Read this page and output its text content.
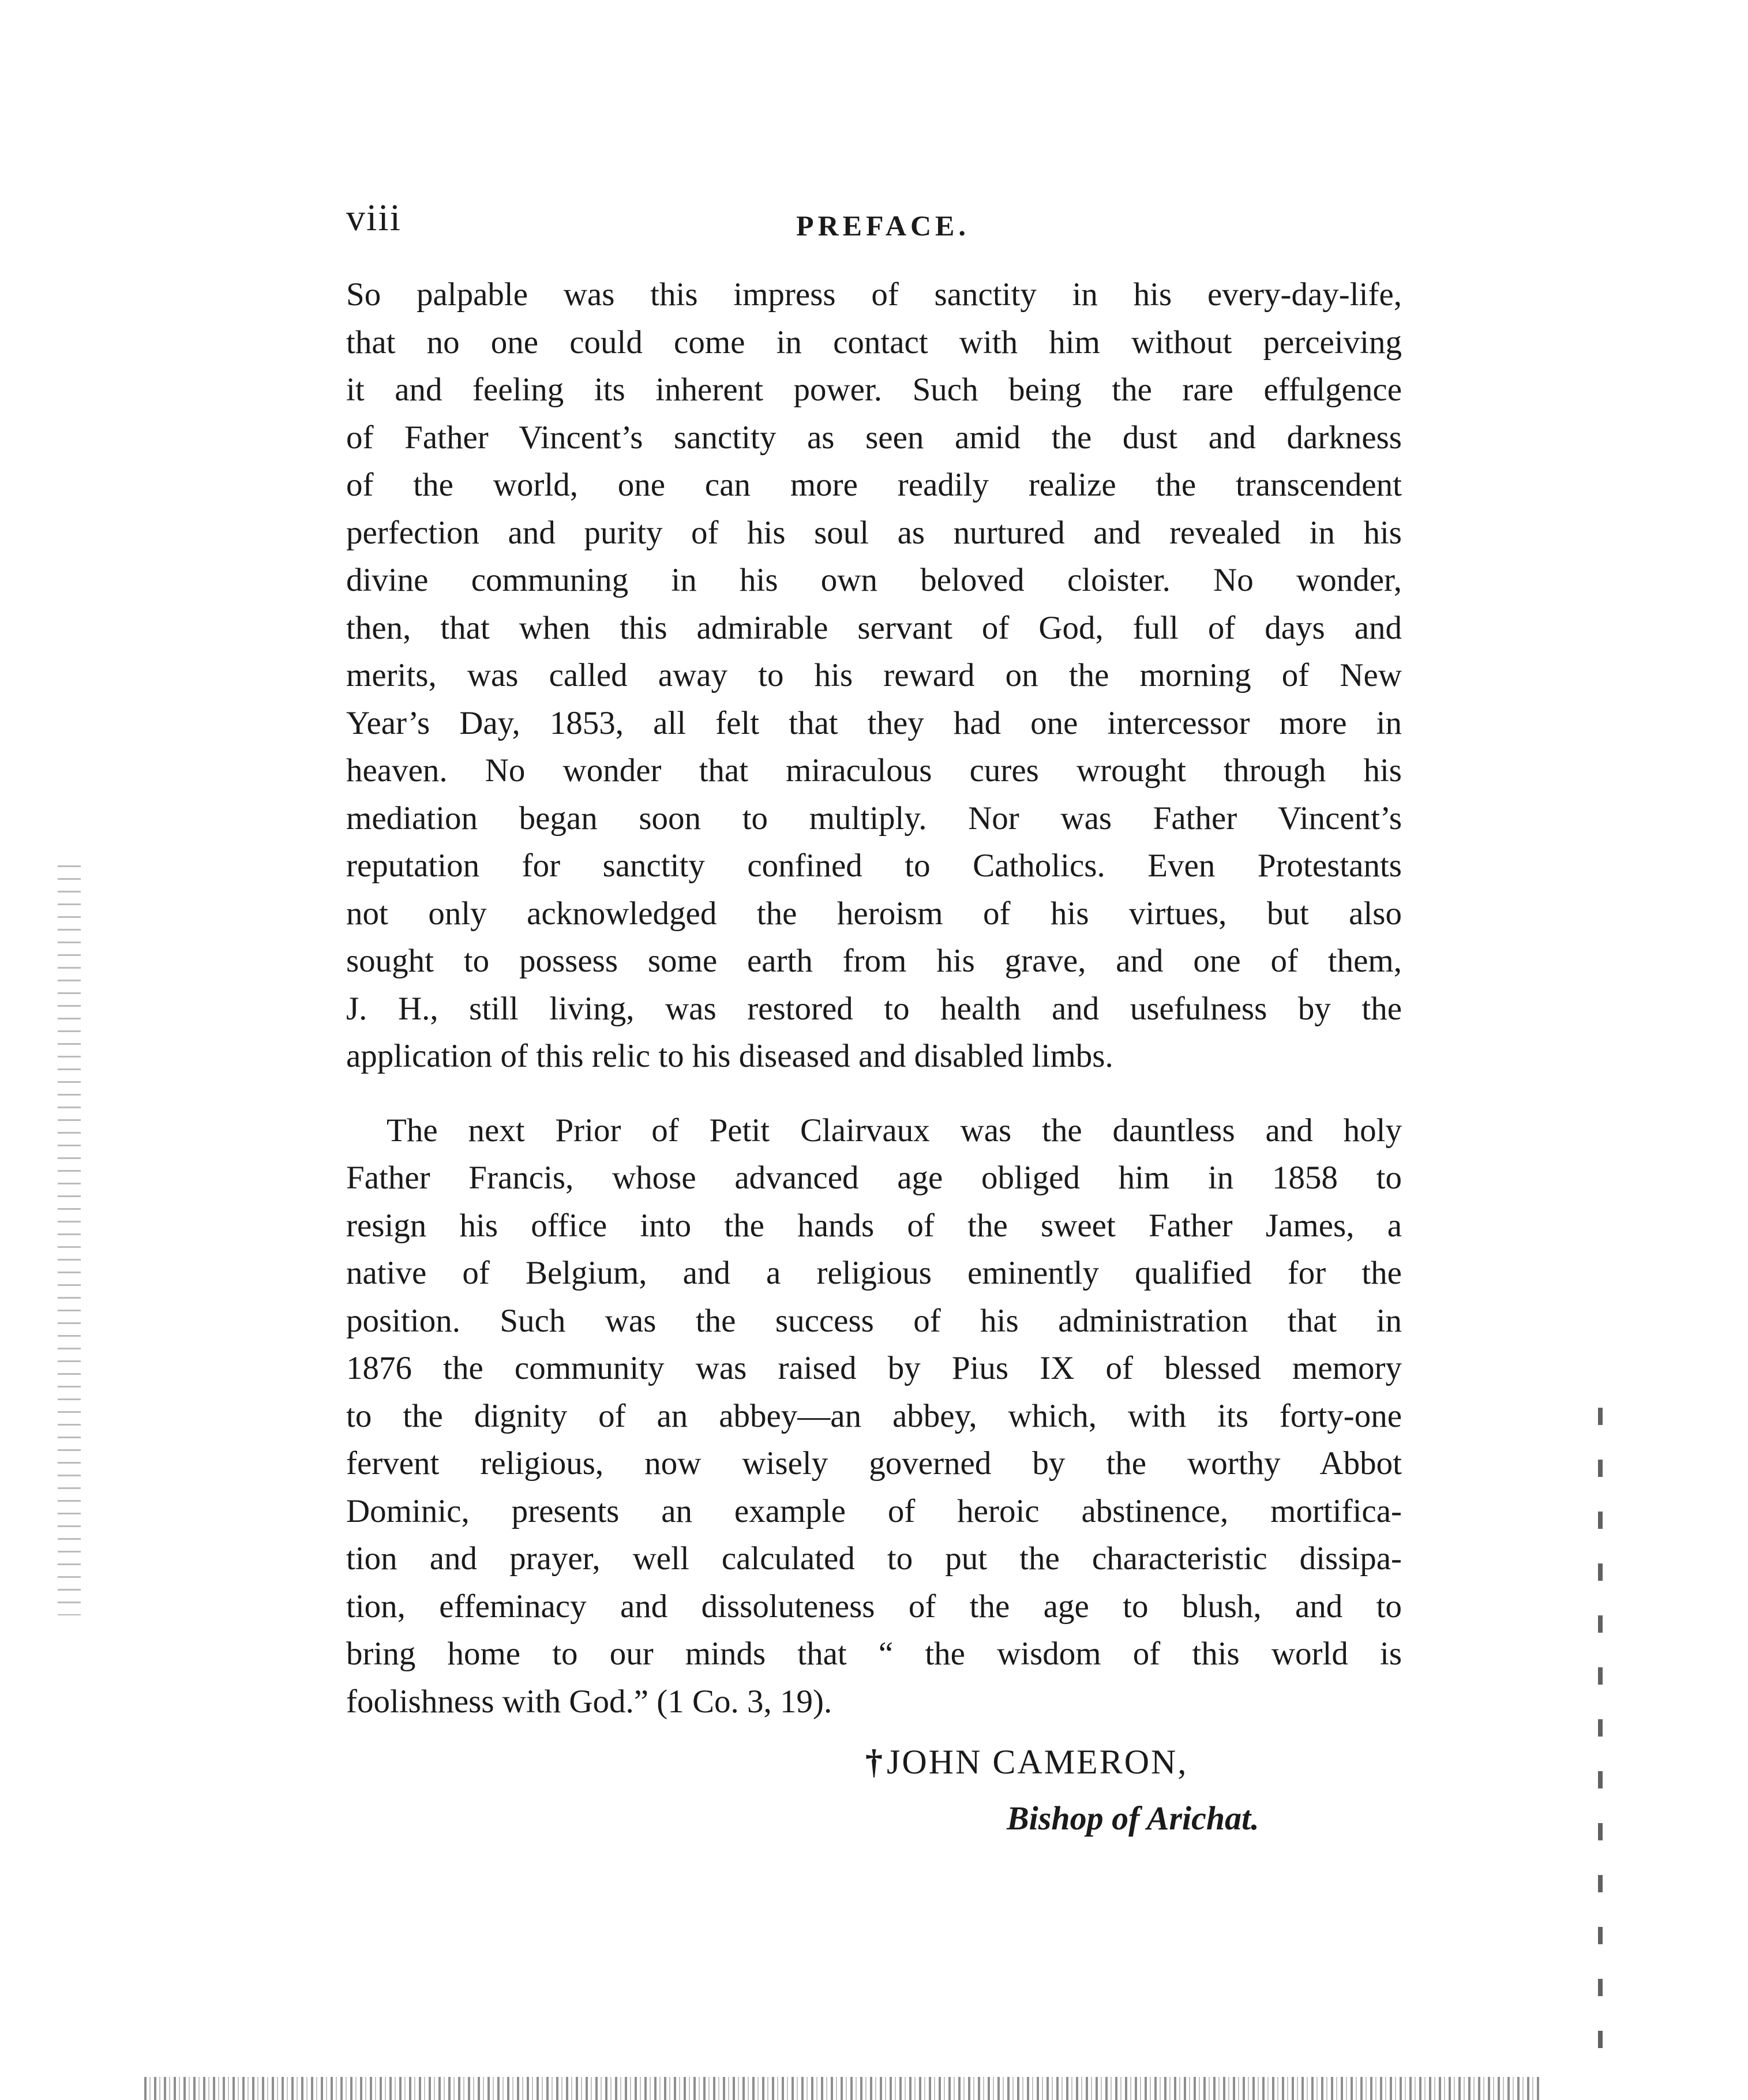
viii	PREFACE.

So palpable was this impress of sanctity in his every-day-life,
that no one could come in contact with him without perceiving
it and feeling its inherent power. Such being the rare effulgence
of Father Vincent’s sanctity as seen amid the dust and darkness
of the world, one can more readily realize the transcendent
perfection and purity of his soul as nurtured and revealed in his
divine communing in his own beloved cloister. No wonder,
then, that when this admirable servant of God, full of days and
merits, was called away to his reward on the morning of New
Year’s Day, 1853, all felt that they had one intercessor more in
heaven. No wonder that miraculous cures wrought through his
mediation began soon to multiply. Nor was Father Vincent’s
reputation for sanctity confined to Catholics. Even Protestants
not only acknowledged the heroism of his virtues, but also
sought to possess some earth from his grave, and one of them,
J. H., still living, was restored to health and usefulness by the
application of this relic to his diseased and disabled limbs.

The next Prior of Petit Clairvaux was the dauntless and holy
Father Francis, whose advanced age obliged him in 1858 to
resign his office into the hands of the sweet Father James, a
native of Belgium, and a religious eminently qualified for the
position. Such was the success of his administration that in
1876 the community was raised by Pius IX of blessed memory
to the dignity of an abbey—an abbey, which, with its forty-one
fervent religious, now wisely governed by the worthy Abbot
Dominic, presents an example of heroic abstinence, mortifica-
tion and prayer, well calculated to put the characteristic dissipa-
tion, effeminacy and dissoluteness of the age to blush, and to
bring home to our minds that “ the wisdom of this world is
foolishness with God.” (1 Co. 3, 19).

†JOHN CAMERON,
Bishop of Arichat.
